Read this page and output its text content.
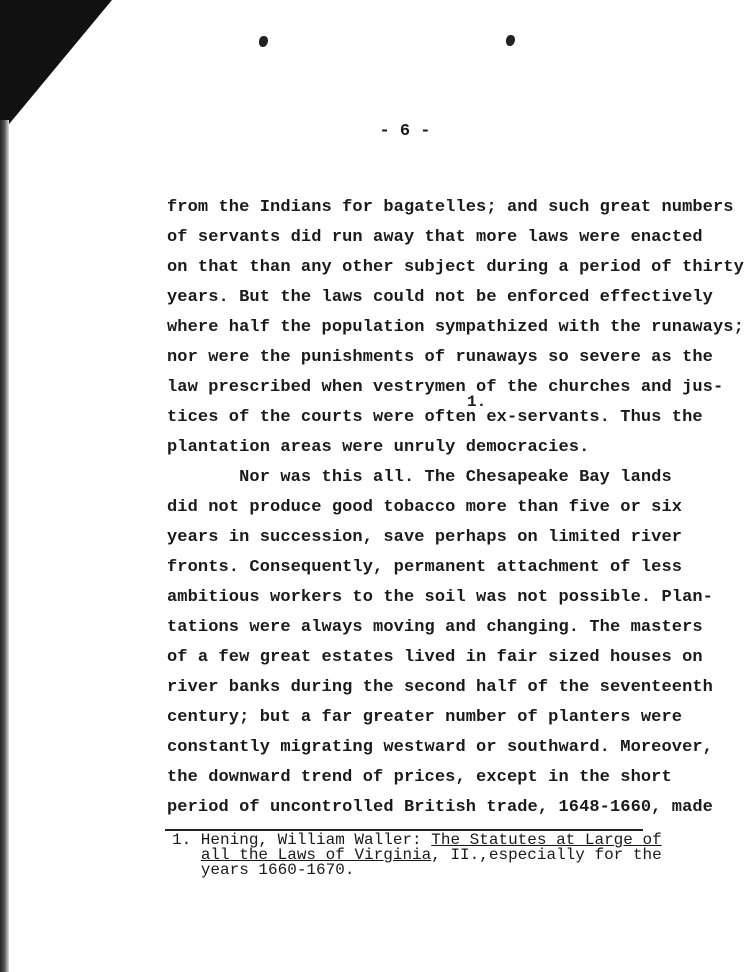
- 6 -
from the Indians for bagatelles; and such great numbers
of servants did run away that more laws were enacted
on that than any other subject during a period of thirty
years. But the laws could not be enforced effectively
where half the population sympathized with the runaways;
nor were the punishments of runaways so severe as the
law prescribed when vestrymen of the churches and jus-
tices of the courts were often ex-servants. Thus the
plantation areas were unruly democracies.
Nor was this all. The Chesapeake Bay lands
did not produce good tobacco more than five or six
years in succession, save perhaps on limited river
fronts. Consequently, permanent attachment of less
ambitious workers to the soil was not possible. Plan-
tations were always moving and changing. The masters
of a few great estates lived in fair sized houses on
river banks during the second half of the seventeenth
century; but a far greater number of planters were
constantly migrating westward or southward. Moreover,
the downward trend of prices, except in the short
period of uncontrolled British trade, 1648-1660, made
1.
1. Hening, William Waller: The Statutes at Large of
all the Laws of Virginia, II.,especially for the
years 1660-1670.
